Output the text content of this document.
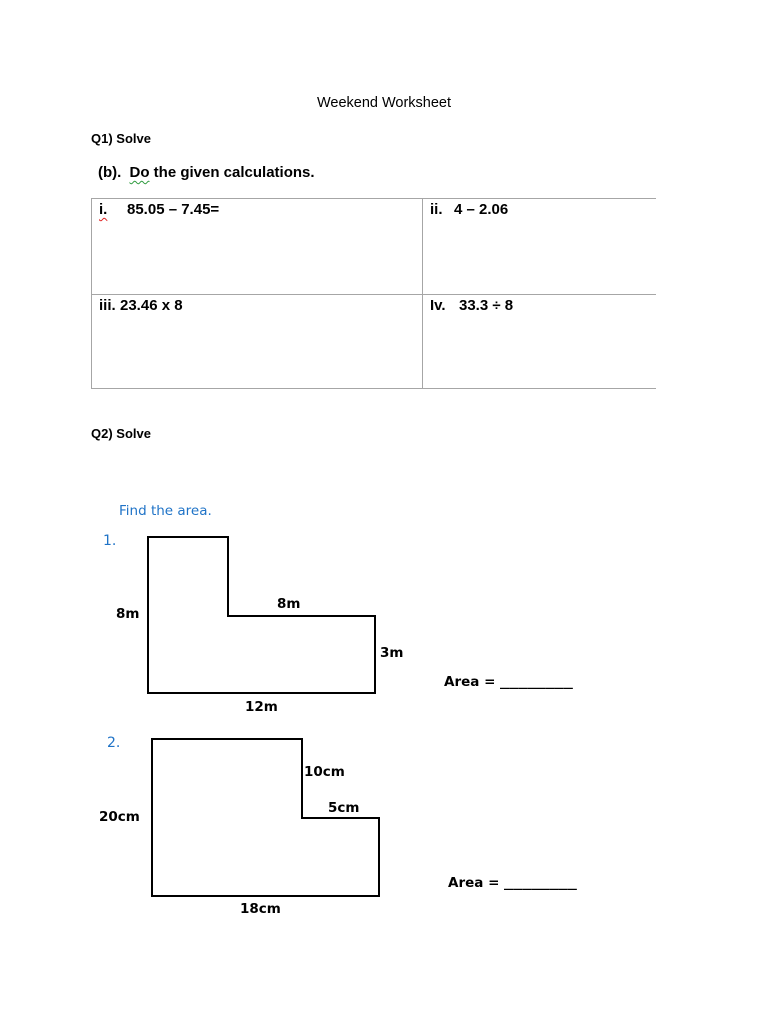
Weekend Worksheet
Q1) Solve
(b). Do the given calculations.
i. 85.05 – 7.45=	ii. 4 – 2.06
iii. 23.46 x 8	Iv. 33.3 ÷ 8
Q2) Solve
Find the area.
1.
8m
8m
3m
12m
Area = ________
2.
20cm
10cm
5cm
18cm
Area = ________
